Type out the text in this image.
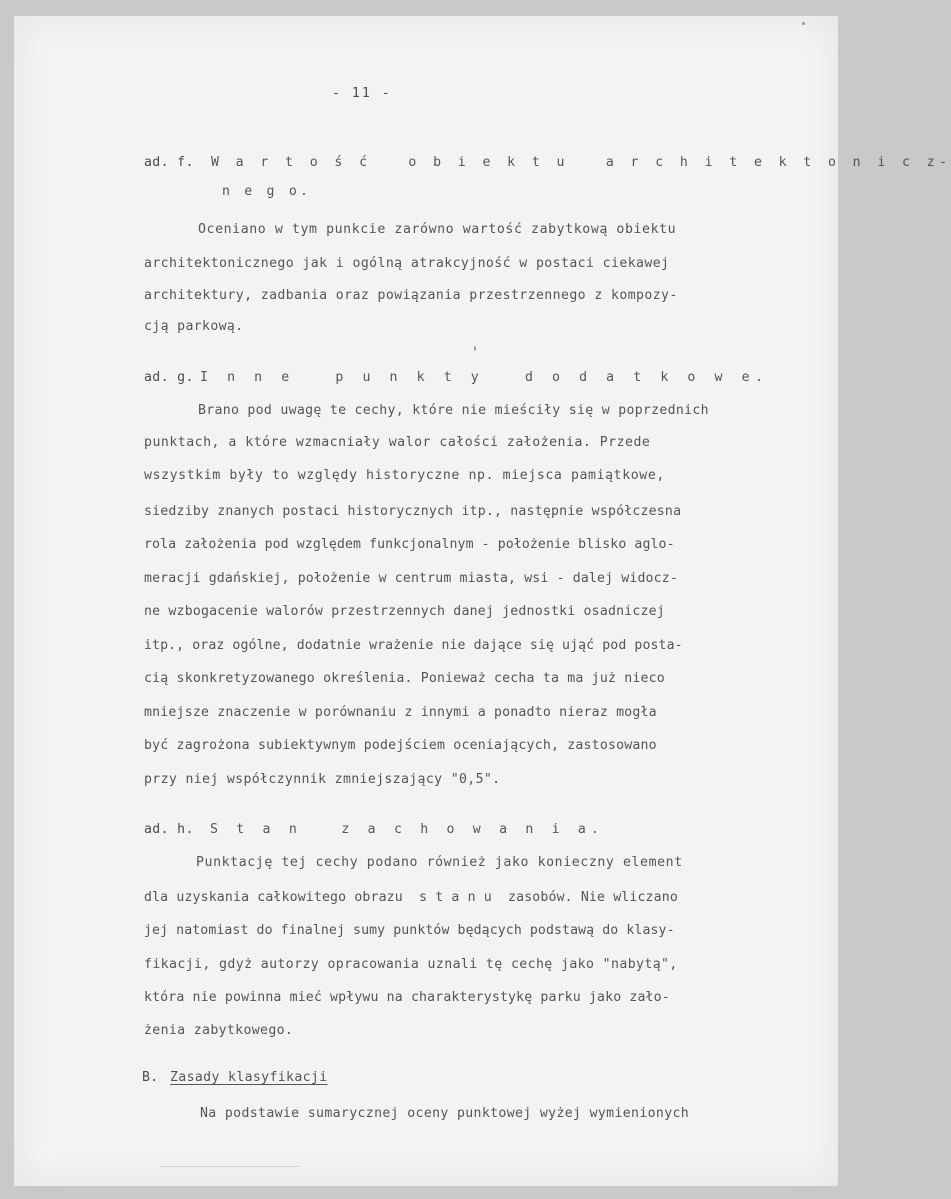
- 11 -
ad. f. W a r t o ś ć   o b i e k t u   a r c h i t e k t o n i c z-
n e g o.
Oceniano w tym punkcie zarówno wartość zabytkową obiektu
architektonicznego jak i ogólną atrakcyjność w postaci ciekawej
architektury, zadbania oraz powiązania przestrzennego z kompozy-
cją parkową.
ad. g. I n n e   p u n k t y   d o d a t k o w e.
Brano pod uwagę te cechy, które nie mieściły się w poprzednich
punktach, a które wzmacniały walor całości założenia. Przede
wszystkim były to względy historyczne np. miejsca pamiątkowe,
siedziby znanych postaci historycznych itp., następnie współczesna
rola założenia pod względem funkcjonalnym - położenie blisko aglo-
meracji gdańskiej, położenie w centrum miasta, wsi - dalej widocz-
ne wzbogacenie walorów przestrzennych danej jednostki osadniczej
itp., oraz ogólne, dodatnie wrażenie nie dające się ująć pod posta-
cią skonkretyzowanego określenia. Ponieważ cecha ta ma już nieco
mniejsze znaczenie w porównaniu z innymi a ponadto nieraz mogła
być zagrożona subiektywnym podejściem oceniających, zastosowano
przy niej współczynnik zmniejszający "0,5".
ad. h. S t a n   z a c h o w a n i a.
Punktację tej cechy podano również jako konieczny element
dla uzyskania całkowitego obrazu  s t a n u  zasobów. Nie wliczano
jej natomiast do finalnej sumy punktów będących podstawą do klasy-
fikacji, gdyż autorzy opracowania uznali tę cechę jako "nabytą",
która nie powinna mieć wpływu na charakterystykę parku jako zało-
żenia zabytkowego.
B. Zasady klasyfikacji
Na podstawie sumarycznej oceny punktowej wyżej wymienionych
